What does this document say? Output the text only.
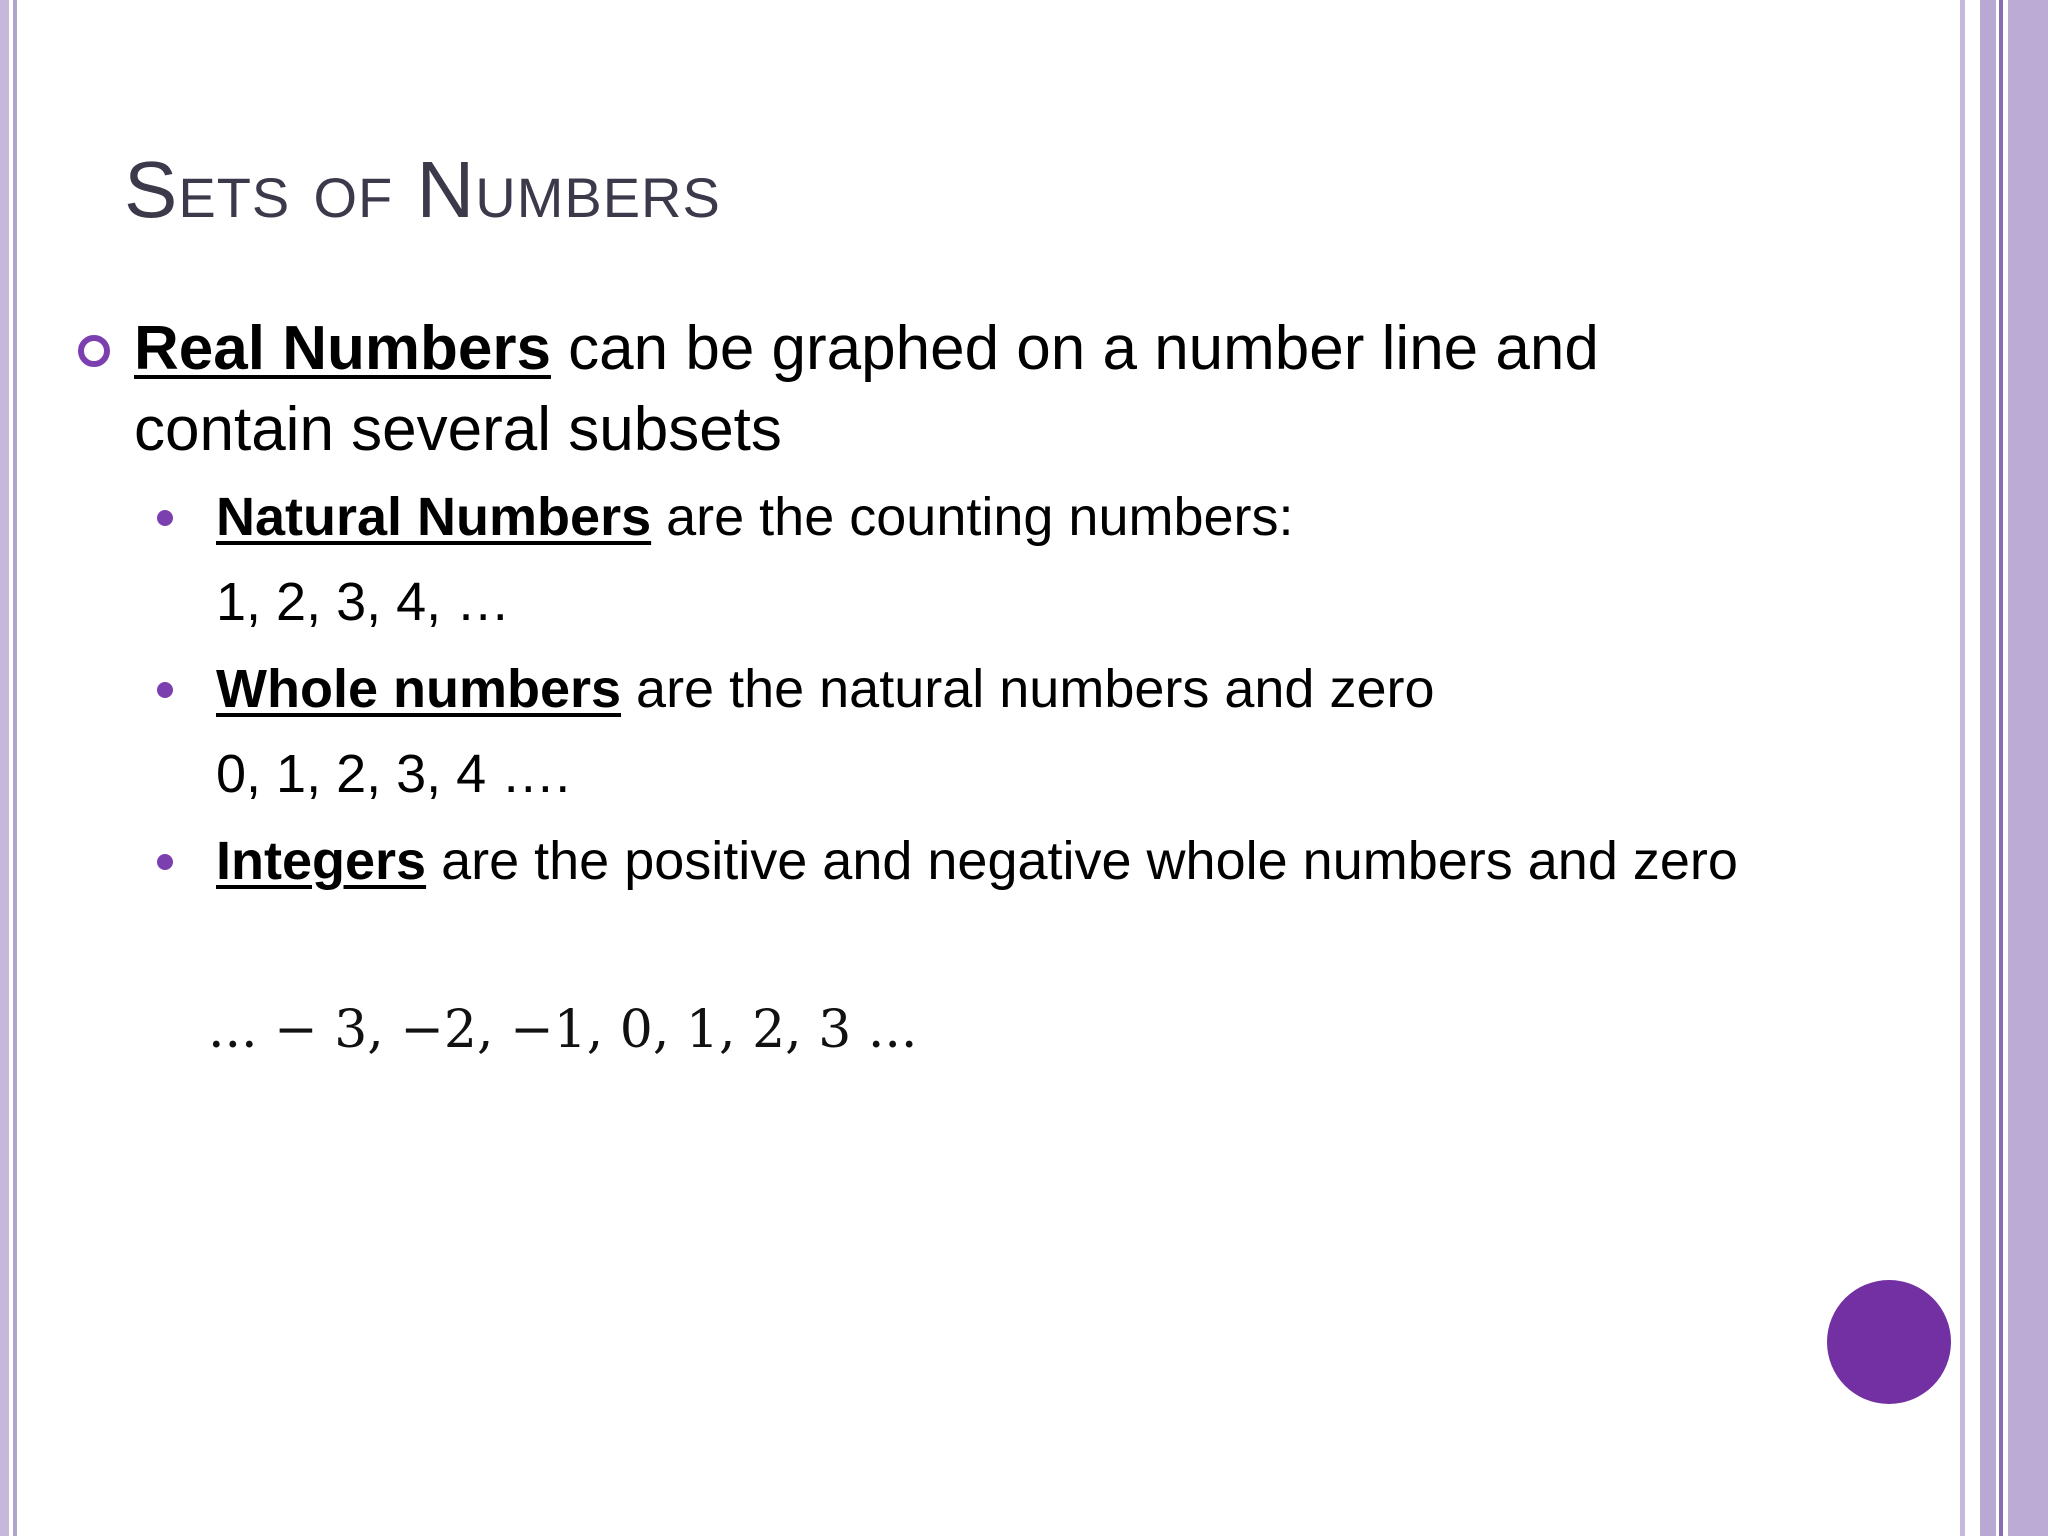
Sets of Numbers
Real Numbers can be graphed on a number line and contain several subsets
Natural Numbers are the counting numbers:
1, 2, 3, 4, …
Whole numbers are the natural numbers and zero
0, 1, 2, 3, 4 ….
Integers are the positive and negative whole numbers and zero
... − 3, −2, −1, 0, 1, 2, 3 ...
